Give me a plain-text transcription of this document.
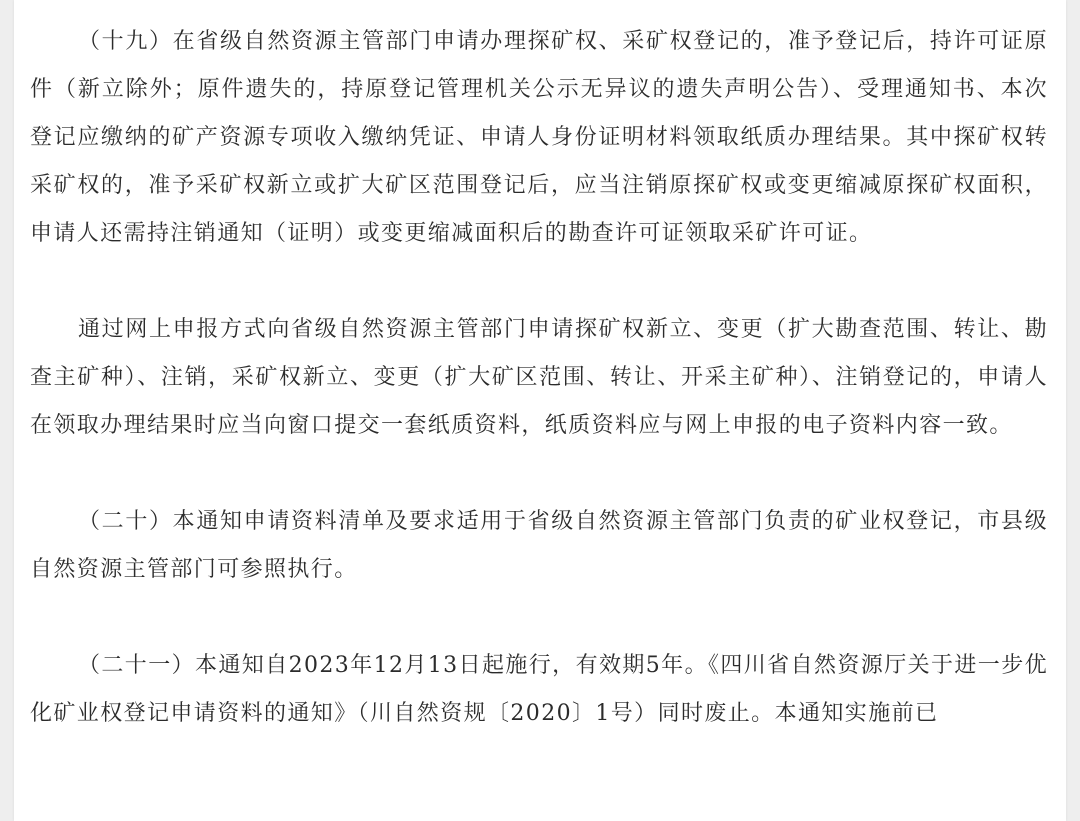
（十九）在省级自然资源主管部门申请办理探矿权、采矿权登记的，准予登记后，持许可证原件（新立除外；原件遗失的，持原登记管理机关公示无异议的遗失声明公告）、受理通知书、本次登记应缴纳的矿产资源专项收入缴纳凭证、申请人身份证明材料领取纸质办理结果。其中探矿权转采矿权的，准予采矿权新立或扩大矿区范围登记后，应当注销原探矿权或变更缩减原探矿权面积，申请人还需持注销通知（证明）或变更缩减面积后的勘查许可证领取采矿许可证。

通过网上申报方式向省级自然资源主管部门申请探矿权新立、变更（扩大勘查范围、转让、勘查主矿种）、注销，采矿权新立、变更（扩大矿区范围、转让、开采主矿种）、注销登记的，申请人在领取办理结果时应当向窗口提交一套纸质资料，纸质资料应与网上申报的电子资料内容一致。

（二十）本通知申请资料清单及要求适用于省级自然资源主管部门负责的矿业权登记，市县级自然资源主管部门可参照执行。

（二十一）本通知自2023年12月13日起施行，有效期5年。《四川省自然资源厅关于进一步优化矿业权登记申请资料的通知》（川自然资规〔2020〕1号）同时废止。本通知实施前已
